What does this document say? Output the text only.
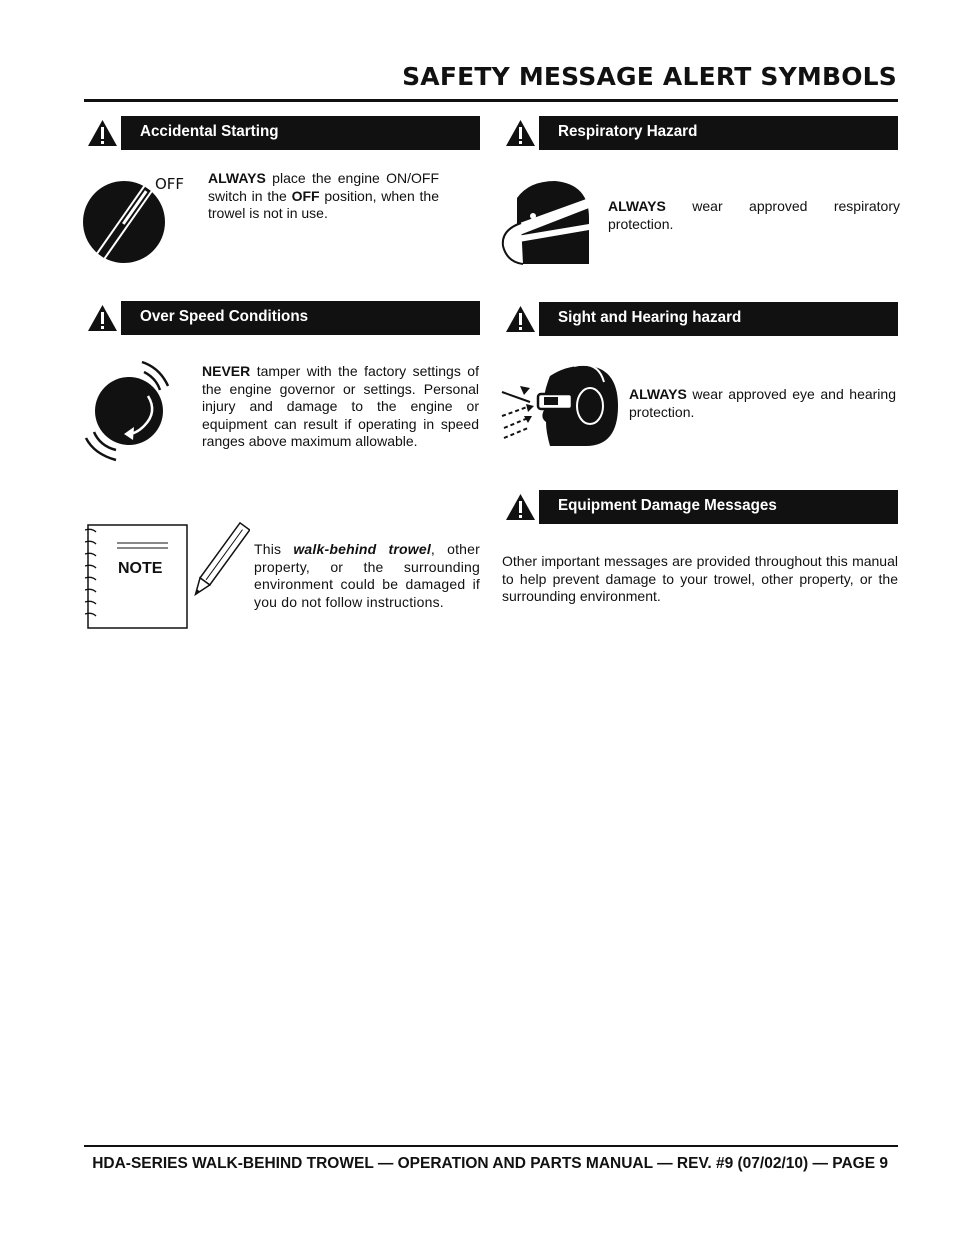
SAFETY MESSAGE ALERT SYMBOLS
Accidental Starting
OFF ALWAYS place the engine ON/OFF switch in the OFF position, when the trowel is not in use.
Respiratory Hazard
ALWAYS wear approved respiratory protection.
Over Speed Conditions
NEVER tamper with the factory settings of the engine governor or settings. Personal injury and damage to the engine or equipment can result if operating in speed ranges above maximum allowable.
Sight and Hearing hazard
ALWAYS wear approved eye and hearing protection.
NOTE
This walk-behind trowel, other property, or the surrounding environment could be damaged if you do not follow instructions.
Equipment Damage Messages
Other important messages are provided throughout this manual to help prevent damage to your trowel, other property, or the surrounding environment.
HDA-SERIES WALK-BEHIND TROWEL — OPERATION AND PARTS MANUAL — REV. #9 (07/02/10) — PAGE 9
